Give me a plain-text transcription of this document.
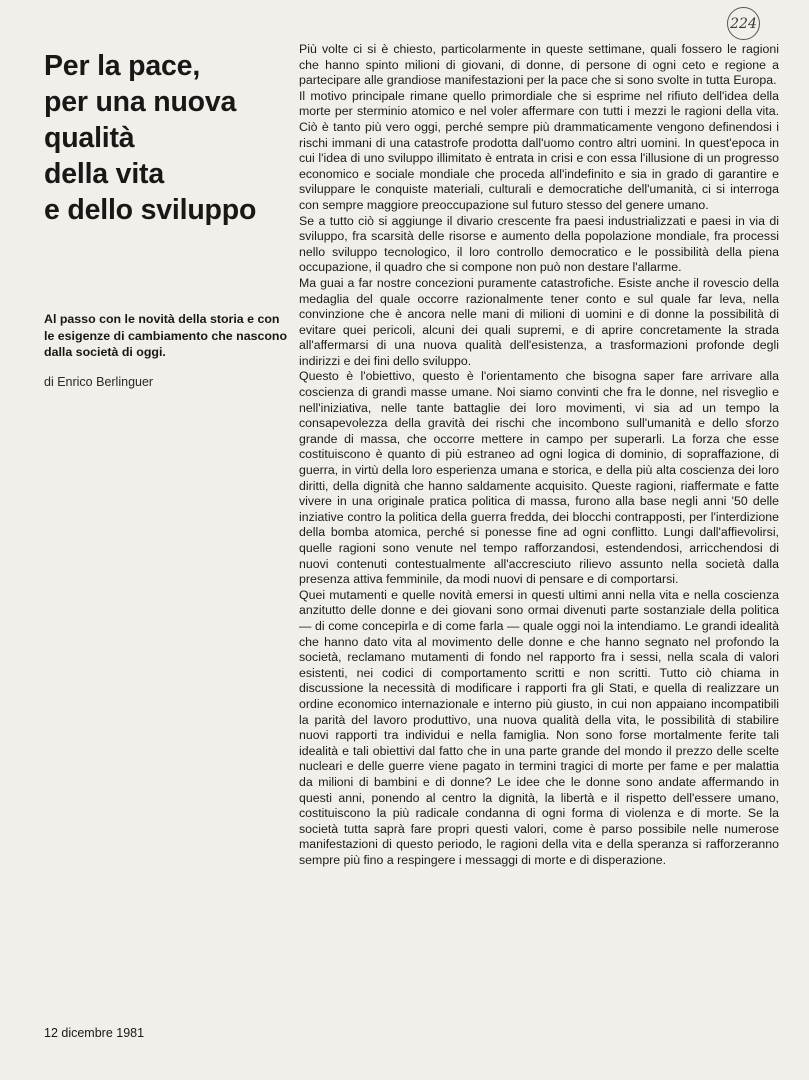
224
Per la pace,
per una nuova
qualità
della vita
e dello sviluppo

Al passo con le novità della storia e con le esigenze di cambiamento che nascono dalla società di oggi.

di Enrico Berlinguer

12 dicembre 1981

Più volte ci si è chiesto, particolarmente in queste settimane, quali fossero le ragioni che hanno spinto milioni di giovani, di donne, di persone di ogni ceto e regione a partecipare alle grandiose manifestazioni per la pace che si sono svolte in tutta Europa.

Il motivo principale rimane quello primordiale che si esprime nel rifiuto dell'idea della morte per sterminio atomico e nel voler affermare con tutti i mezzi le ragioni della vita. Ciò è tanto più vero oggi, perché sempre più drammaticamente vengono definendosi i rischi immani di una catastrofe prodotta dall'uomo contro altri uomini. In quest'epoca in cui l'idea di uno sviluppo illimitato è entrata in crisi e con essa l'illusione di un progresso economico e sociale mondiale che proceda all'indefinito e sia in grado di garantire e sviluppare le conquiste materiali, culturali e democratiche dell'umanità, ci si interroga con sempre maggiore preoccupazione sul futuro stesso del genere umano.

Se a tutto ciò si aggiunge il divario crescente fra paesi industrializzati e paesi in via di sviluppo, fra scarsità delle risorse e aumento della popolazione mondiale, fra processi nello sviluppo tecnologico, il loro controllo democratico e le possibilità della piena occupazione, il quadro che si compone non può non destare l'allarme.

Ma guai a far nostre concezioni puramente catastrofiche. Esiste anche il rovescio della medaglia del quale occorre razionalmente tener conto e sul quale far leva, nella convinzione che è ancora nelle mani di milioni di uomini e di donne la possibilità di evitare quei pericoli, alcuni dei quali supremi, e di aprire concretamente la strada all'affermarsi di una nuova qualità dell'esistenza, a trasformazioni profonde degli indirizzi e dei fini dello sviluppo.

Questo è l'obiettivo, questo è l'orientamento che bisogna saper fare arrivare alla coscienza di grandi masse umane. Noi siamo convinti che fra le donne, nel risveglio e nell'iniziativa, nelle tante battaglie dei loro movimenti, vi sia ad un tempo la consapevolezza della gravità dei rischi che incombono sull'umanità e dello sforzo grande di massa, che occorre mettere in campo per superarli. La forza che esse costituiscono è quanto di più estraneo ad ogni logica di dominio, di sopraffazione, di guerra, in virtù della loro esperienza umana e storica, e della più alta coscienza dei loro diritti, della dignità che hanno saldamente acquisito. Queste ragioni, riaffermate e fatte vivere in una originale pratica politica di massa, furono alla base negli anni '50 delle inziative contro la politica della guerra fredda, dei blocchi contrapposti, per l'interdizione della bomba atomica, perché si ponesse fine ad ogni conflitto. Lungi dall'affievolirsi, quelle ragioni sono venute nel tempo rafforzandosi, estendendosi, arricchendosi di nuovi contenuti contestualmente all'accresciuto rilievo assunto nella società dalla presenza attiva femminile, da modi nuovi di pensare e di comportarsi.

Quei mutamenti e quelle novità emersi in questi ultimi anni nella vita e nella coscienza anzitutto delle donne e dei giovani sono ormai divenuti parte sostanziale della politica — di come concepirla e di come farla — quale oggi noi la intendiamo. Le grandi idealità che hanno dato vita al movimento delle donne e che hanno segnato nel profondo la società, reclamano mutamenti di fondo nel rapporto fra i sessi, nella scala di valori esistenti, nei codici di comportamento scritti e non scritti. Tutto ciò chiama in discussione la necessità di modificare i rapporti fra gli Stati, e quella di realizzare un ordine economico internazionale e interno più giusto, in cui non appaiano incompatibili la parità del lavoro produttivo, una nuova qualità della vita, le possibilità di stabilire nuovi rapporti tra individui e nella famiglia. Non sono forse mortalmente ferite tali idealità e tali obiettivi dal fatto che in una parte grande del mondo il prezzo delle scelte nucleari e delle guerre viene pagato in termini tragici di morte per fame e per malattia da milioni di bambini e di donne? Le idee che le donne sono andate affermando in questi anni, ponendo al centro la dignità, la libertà e il rispetto dell'essere umano, costituiscono la più radicale condanna di ogni forma di violenza e di morte. Se la società tutta saprà fare propri questi valori, come è parso possibile nelle numerose manifestazioni di questo periodo, le ragioni della vita e della speranza si rafforzeranno sempre più fino a respingere i messaggi di morte e di disperazione.
